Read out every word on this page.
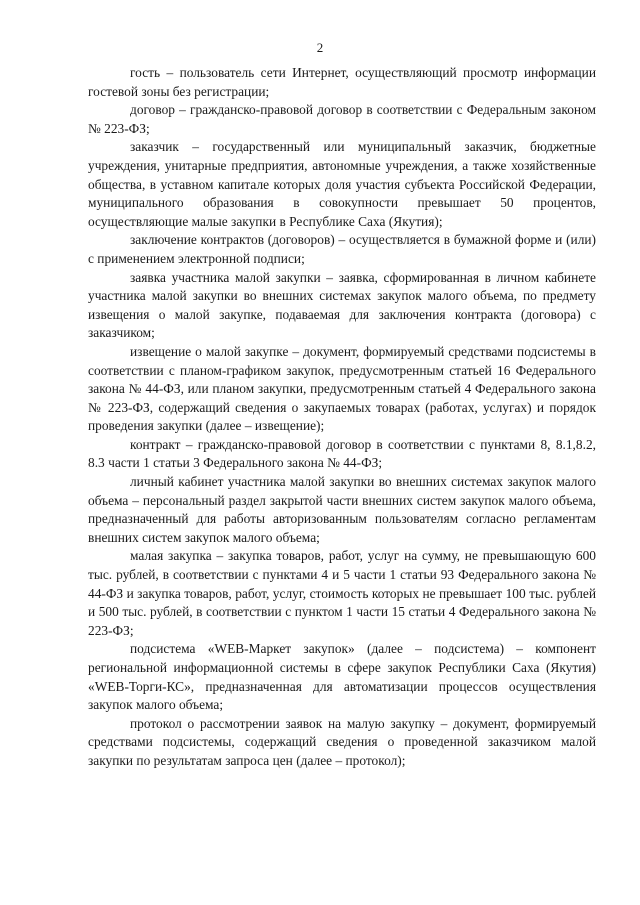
2

гость – пользователь сети Интернет, осуществляющий просмотр информации гостевой зоны без регистрации;

договор – гражданско-правовой договор в соответствии с Федеральным законом № 223-ФЗ;

заказчик – государственный или муниципальный заказчик, бюджетные учреждения, унитарные предприятия, автономные учреждения, а также хозяйственные общества, в уставном капитале которых доля участия субъекта Российской Федерации, муниципального образования в совокупности превышает 50 процентов, осуществляющие малые закупки в Республике Саха (Якутия);

заключение контрактов (договоров) – осуществляется в бумажной форме и (или) с применением электронной подписи;

заявка участника малой закупки – заявка, сформированная в личном кабинете участника малой закупки во внешних системах закупок малого объема, по предмету извещения о малой закупке, подаваемая для заключения контракта (договора) с заказчиком;

извещение о малой закупке – документ, формируемый средствами подсистемы в соответствии с планом-графиком закупок, предусмотренным статьей 16 Федерального закона № 44-ФЗ, или планом закупки, предусмотренным статьей 4 Федерального закона № 223-ФЗ, содержащий сведения о закупаемых товарах (работах, услугах) и порядок проведения закупки (далее – извещение);

контракт – гражданско-правовой договор в соответствии с пунктами 8, 8.1,8.2, 8.3 части 1 статьи 3 Федерального закона № 44-ФЗ;

личный кабинет участника малой закупки во внешних системах закупок малого объема – персональный раздел закрытой части внешних систем закупок малого объема, предназначенный для работы авторизованным пользователям согласно регламентам внешних систем закупок малого объема;

малая закупка – закупка товаров, работ, услуг на сумму, не превышающую 600 тыс. рублей, в соответствии с пунктами 4 и 5 части 1 статьи 93 Федерального закона № 44-ФЗ и закупка товаров, работ, услуг, стоимость которых не превышает 100 тыс. рублей и 500 тыс. рублей, в соответствии с пунктом 1 части 15 статьи 4 Федерального закона № 223-ФЗ;

подсистема «WEB-Маркет закупок» (далее – подсистема) – компонент региональной информационной системы в сфере закупок Республики Саха (Якутия) «WEB-Торги-КС», предназначенная для автоматизации процессов осуществления закупок малого объема;

протокол о рассмотрении заявок на малую закупку – документ, формируемый средствами подсистемы, содержащий сведения о проведенной заказчиком малой закупки по результатам запроса цен (далее – протокол);
